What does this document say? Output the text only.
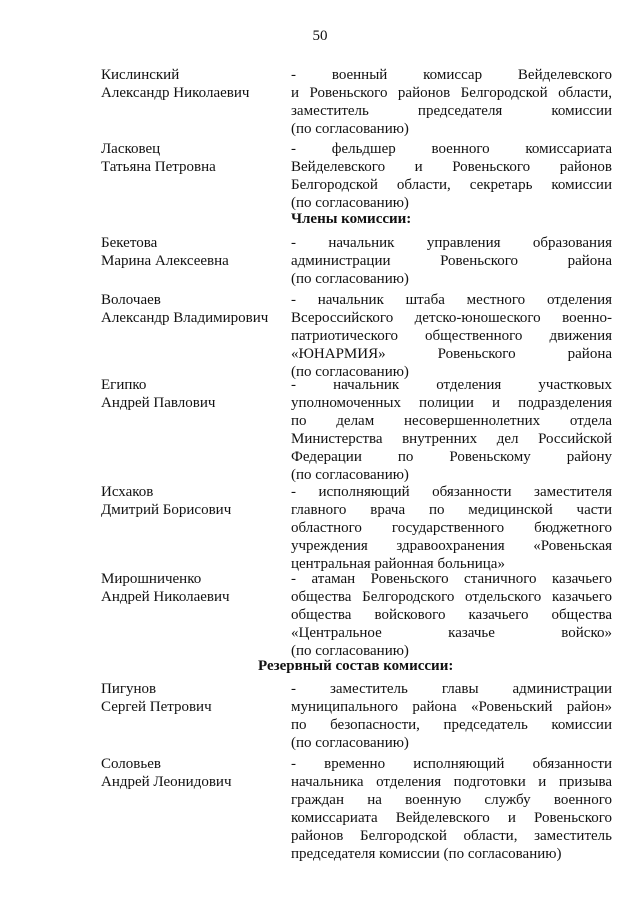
50
Кислинский
Александр Николаевич
- военный комиссар Вейделевского
и Ровеньского районов Белгородской области,
заместитель председателя комиссии
(по согласованию)
Ласковец
Татьяна Петровна
- фельдшер военного комиссариата
Вейделевского и Ровеньского районов
Белгородской области, секретарь комиссии
(по согласованию)
Члены комиссии:
Бекетова
Марина Алексеевна
- начальник управления образования
администрации Ровеньского района
(по согласованию)
Волочаев
Александр Владимирович
- начальник штаба местного отделения
Всероссийского детско-юношеского военно-
патриотического общественного движения
«ЮНАРМИЯ» Ровеньского района
(по согласованию)
Египко
Андрей Павлович
- начальник отделения участковых
уполномоченных полиции и подразделения
по делам несовершеннолетних отдела
Министерства внутренних дел Российской
Федерации по Ровеньскому району
(по согласованию)
Исхаков
Дмитрий Борисович
- исполняющий обязанности заместителя
главного врача по медицинской части
областного государственного бюджетного
учреждения здравоохранения «Ровеньская
центральная районная больница»
Мирошниченко
Андрей Николаевич
- атаман Ровеньского станичного казачьего
общества Белгородского отдельского казачьего
общества войскового казачьего общества
«Центральное казачье войско»
(по согласованию)
Резервный состав комиссии:
Пигунов
Сергей Петрович
- заместитель главы администрации
муниципального района «Ровеньский район»
по безопасности, председатель комиссии
(по согласованию)
Соловьев
Андрей Леонидович
- временно исполняющий обязанности
начальника отделения подготовки и призыва
граждан на военную службу военного
комиссариата Вейделевского и Ровеньского
районов Белгородской области, заместитель
председателя комиссии (по согласованию)
